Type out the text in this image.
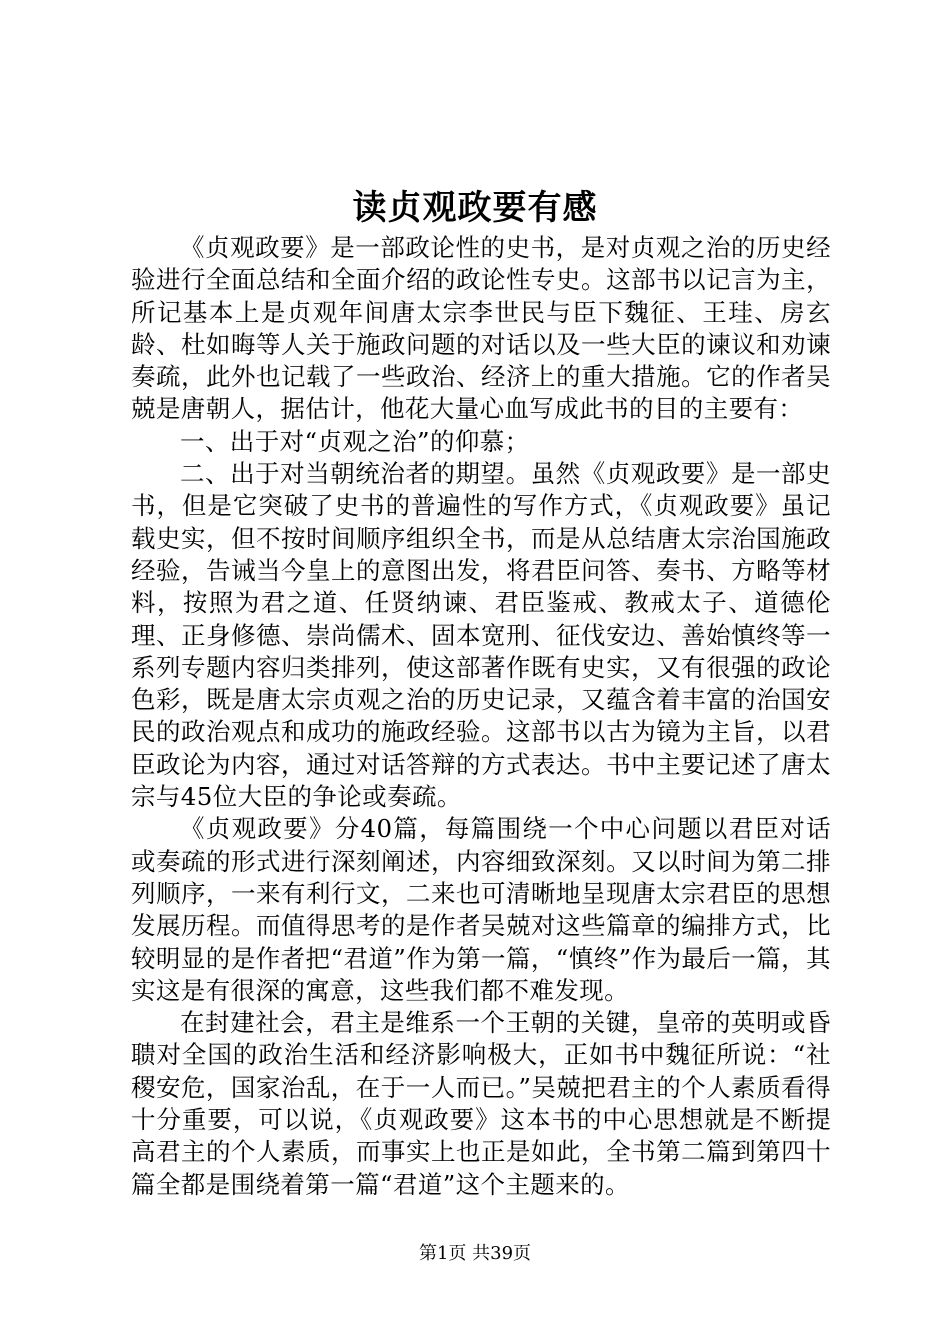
读贞观政要有感

《贞观政要》是一部政论性的史书，是对贞观之治的历史经验进行全面总结和全面介绍的政论性专史。这部书以记言为主，所记基本上是贞观年间唐太宗李世民与臣下魏征、王珪、房玄龄、杜如晦等人关于施政问题的对话以及一些大臣的谏议和劝谏奏疏，此外也记载了一些政治、经济上的重大措施。它的作者吴兢是唐朝人，据估计，他花大量心血写成此书的目的主要有：

一、出于对“贞观之治”的仰慕；

二、出于对当朝统治者的期望。虽然《贞观政要》是一部史书，但是它突破了史书的普遍性的写作方式，《贞观政要》虽记载史实，但不按时间顺序组织全书，而是从总结唐太宗治国施政经验，告诫当今皇上的意图出发，将君臣问答、奏书、方略等材料，按照为君之道、任贤纳谏、君臣鉴戒、教戒太子、道德伦理、正身修德、崇尚儒术、固本宽刑、征伐安边、善始慎终等一系列专题内容归类排列，使这部著作既有史实，又有很强的政论色彩，既是唐太宗贞观之治的历史记录，又蕴含着丰富的治国安民的政治观点和成功的施政经验。这部书以古为镜为主旨，以君臣政论为内容，通过对话答辩的方式表达。书中主要记述了唐太宗与45位大臣的争论或奏疏。

《贞观政要》分40篇，每篇围绕一个中心问题以君臣对话或奏疏的形式进行深刻阐述，内容细致深刻。又以时间为第二排列顺序，一来有利行文，二来也可清晰地呈现唐太宗君臣的思想发展历程。而值得思考的是作者吴兢对这些篇章的编排方式，比较明显的是作者把“君道”作为第一篇，“慎终”作为最后一篇，其实这是有很深的寓意，这些我们都不难发现。

在封建社会，君主是维系一个王朝的关键，皇帝的英明或昏聩对全国的政治生活和经济影响极大，正如书中魏征所说：“社稷安危，国家治乱，在于一人而已。”吴兢把君主的个人素质看得十分重要，可以说，《贞观政要》这本书的中心思想就是不断提高君主的个人素质，而事实上也正是如此，全书第二篇到第四十篇全都是围绕着第一篇“君道”这个主题来的。

第1页 共39页
